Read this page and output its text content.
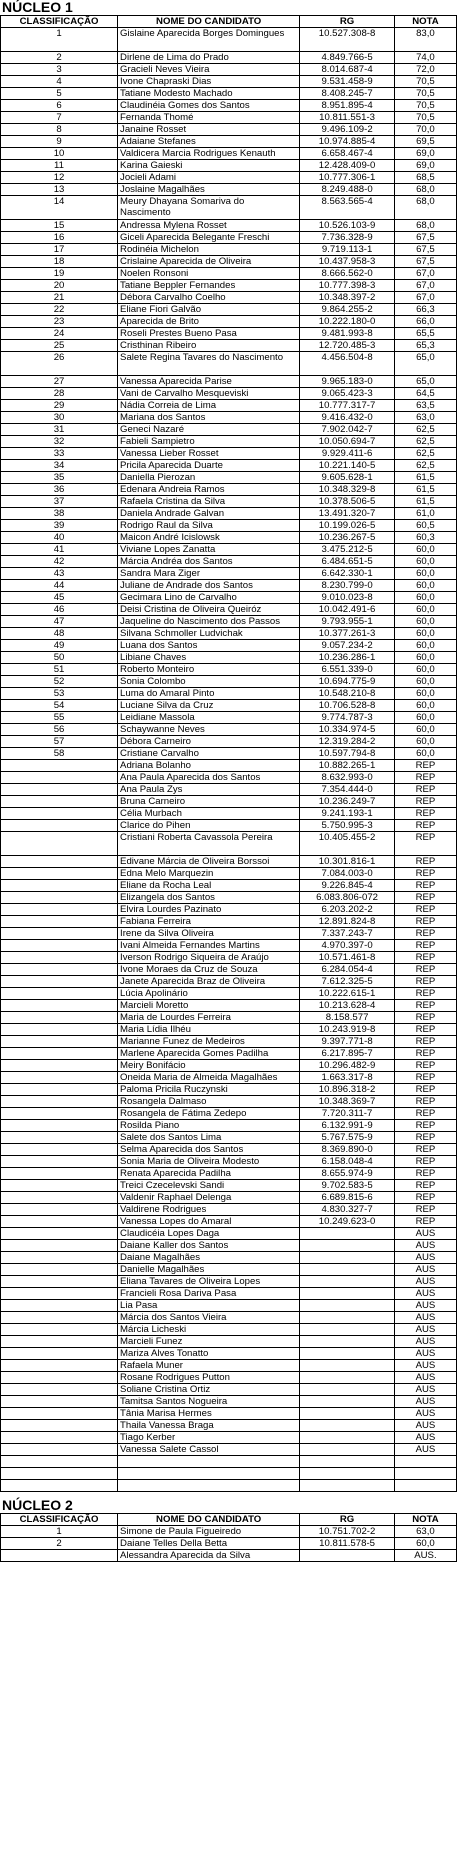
NÚCLEO 1
CLASSIFICAÇÃO	NOME DO CANDIDATO	RG	NOTA
1	Gislaine Aparecida Borges Domingues	10.527.308-8	83,0
2	Dirlene de Lima do Prado	4.849.766-5	74,0
3	Gracieli Neves Vieira	8.014.687-4	72,0
4	Ivone Chapraski Dias	9.531.458-9	70,5
5	Tatiane Modesto Machado	8.408.245-7	70,5
6	Claudinéia Gomes dos Santos	8.951.895-4	70,5
7	Fernanda Thomé	10.811.551-3	70,5
8	Janaine Rosset	9.496.109-2	70,0
9	Adaiane Stefanes	10.974.885-4	69,5
10	Valdicera Marcia Rodrigues Kenauth	6.658.467-4	69,0
11	Karina Gaieski	12.428.409-0	69,0
12	Jocieli Adami	10.777.306-1	68,5
13	Joslaine Magalhães	8.249.488-0	68,0
14	Meury Dhayana Somariva do Nascimento	8.563.565-4	68,0
15	Andressa Mylena Rosset	10.526.103-9	68,0
16	Giceli Aparecida Belegante Freschi	7.736.328-9	67,5
17	Rodinéia Michelon	9.719.113-1	67,5
18	Crislaine Aparecida de Oliveira	10.437.958-3	67,5
19	Noelen Ronsoni	8.666.562-0	67,0
20	Tatiane Beppler Fernandes	10.777.398-3	67,0
21	Débora Carvalho Coelho	10.348.397-2	67,0
22	Eliane Fiori Galvão	9.864.255-2	66,3
23	Aparecida de Brito	10.222.180-0	66,0
24	Roseli Prestes Bueno Pasa	9.481.993-8	65,5
25	Cristhinan Ribeiro	12.720.485-3	65,3
26	Salete Regina Tavares do Nascimento	4.456.504-8	65,0
27	Vanessa Aparecida Parise	9.965.183-0	65,0
28	Vani de Carvalho Mesqueviski	9.065.423-3	64,5
29	Nádia Correia de Lima	10.777.317-7	63,5
30	Mariana dos Santos	9.416.432-0	63,0
31	Geneci Nazaré	7.902.042-7	62,5
32	Fabieli Sampietro	10.050.694-7	62,5
33	Vanessa Lieber Rosset	9.929.411-6	62,5
34	Pricila Aparecida Duarte	10.221.140-5	62,5
35	Daniella Pierozan	9.605.628-1	61,5
36	Edenara Andreia Ramos	10.348.329-8	61,5
37	Rafaela Cristina da Silva	10.378.506-5	61,5
38	Daniela Andrade Galvan	13.491.320-7	61,0
39	Rodrigo Raul da Silva	10.199.026-5	60,5
40	Maicon André Icislowsk	10.236.267-5	60,3
41	Viviane Lopes Zanatta	3.475.212-5	60,0
42	Márcia Andréa dos Santos	6.484.651-5	60,0
43	Sandra Mara Ziger	6.642.330-1	60,0
44	Juliane de Andrade dos Santos	8.230.799-0	60,0
45	Gecimara Lino de Carvalho	9.010.023-8	60,0
46	Deisi Cristina de Oliveira Queiróz	10.042.491-6	60,0
47	Jaqueline do Nascimento dos Passos	9.793.955-1	60,0
48	Silvana Schmoller Ludvichak	10.377.261-3	60,0
49	Luana dos Santos	9.057.234-2	60,0
50	Libiane Chaves	10.236.286-1	60,0
51	Roberto Monteiro	6.551.339-0	60,0
52	Sonia Colombo	10.694.775-9	60,0
53	Luma do Amaral Pinto	10.548.210-8	60,0
54	Luciane Silva da Cruz	10.706.528-8	60,0
55	Leidiane Massola	9.774.787-3	60,0
56	Schaywanne Neves	10.334.974-5	60,0
57	Débora Carneiro	12.319.284-2	60,0
58	Cristiane Carvalho	10.597.794-8	60,0
	Adriana Bolanho	10.882.265-1	REP
	Ana Paula Aparecida dos Santos	8.632.993-0	REP
	Ana Paula Zys	7.354.444-0	REP
	Bruna Carneiro	10.236.249-7	REP
	Célia Murbach	9.241.193-1	REP
	Clarice do Pihen	5.750.995-3	REP
	Cristiani Roberta Cavassola Pereira	10.405.455-2	REP
	Edivane Márcia de Oliveira Borssoi	10.301.816-1	REP
	Edna Melo Marquezin	7.084.003-0	REP
	Eliane da Rocha Leal	9.226.845-4	REP
	Elizangela dos Santos	6.083.806-072	REP
	Elvira Lourdes Pazinato	6.203.202-2	REP
	Fabiana Ferreira	12.891.824-8	REP
	Irene da Silva Oliveira	7.337.243-7	REP
	Ivani Almeida Fernandes Martins	4.970.397-0	REP
	Iverson Rodrigo Siqueira de Araújo	10.571.461-8	REP
	Ivone Moraes da Cruz de Souza	6.284.054-4	REP
	Janete Aparecida Braz de Oliveira	7.612.325-5	REP
	Lúcia Apolinário	10.222.615-1	REP
	Marcieli Moretto	10.213.628-4	REP
	Maria de Lourdes Ferreira	8.158.577	REP
	Maria Lídia Ilhéu	10.243.919-8	REP
	Marianne Funez de Medeiros	9.397.771-8	REP
	Marlene Aparecida Gomes Padilha	6.217.895-7	REP
	Meiry Bonifácio	10.296.482-9	REP
	Oneida Maria de Almeida Magalhães	1.663.317-8	REP
	Paloma Pricila Ruczynski	10.896.318-2	REP
	Rosangela Dalmaso	10.348.369-7	REP
	Rosangela de Fátima Zedepo	7.720.311-7	REP
	Rosilda Piano	6.132.991-9	REP
	Salete dos Santos Lima	5.767.575-9	REP
	Selma Aparecida dos Santos	8.369.890-0	REP
	Sonia Maria de Oliveira Modesto	6.158.048-4	REP
	Renata Aparecida Padilha	8.655.974-9	REP
	Treici Czecelevski Sandi	9.702.583-5	REP
	Valdenir Raphael Delenga	6.689.815-6	REP
	Valdirene Rodrigues	4.830.327-7	REP
	Vanessa Lopes do Amaral	10.249.623-0	REP
	Claudicéia Lopes Daga		AUS
	Daiane Kaller dos Santos		AUS
	Daiane Magalhães		AUS
	Danielle Magalhães		AUS
	Eliana Tavares de Oliveira Lopes		AUS
	Francieli Rosa Dariva Pasa		AUS
	Lia Pasa		AUS
	Márcia dos Santos Vieira		AUS
	Márcia Licheski		AUS
	Marcieli Funez		AUS
	Mariza Alves Tonatto		AUS
	Rafaela Muner		AUS
	Rosane Rodrigues Putton		AUS
	Soliane Cristina Ortiz		AUS
	Tamitsa Santos Nogueira		AUS
	Tânia Marisa Hermes		AUS
	Thaila Vanessa Braga		AUS
	Tiago Kerber		AUS
	Vanessa Salete Cassol		AUS

NÚCLEO 2
CLASSIFICAÇÃO	NOME DO CANDIDATO	RG	NOTA
1	Simone de Paula Figueiredo	10.751.702-2	63,0
2	Daiane Telles Della Betta	10.811.578-5	60,0
	Alessandra Aparecida da Silva		AUS.
